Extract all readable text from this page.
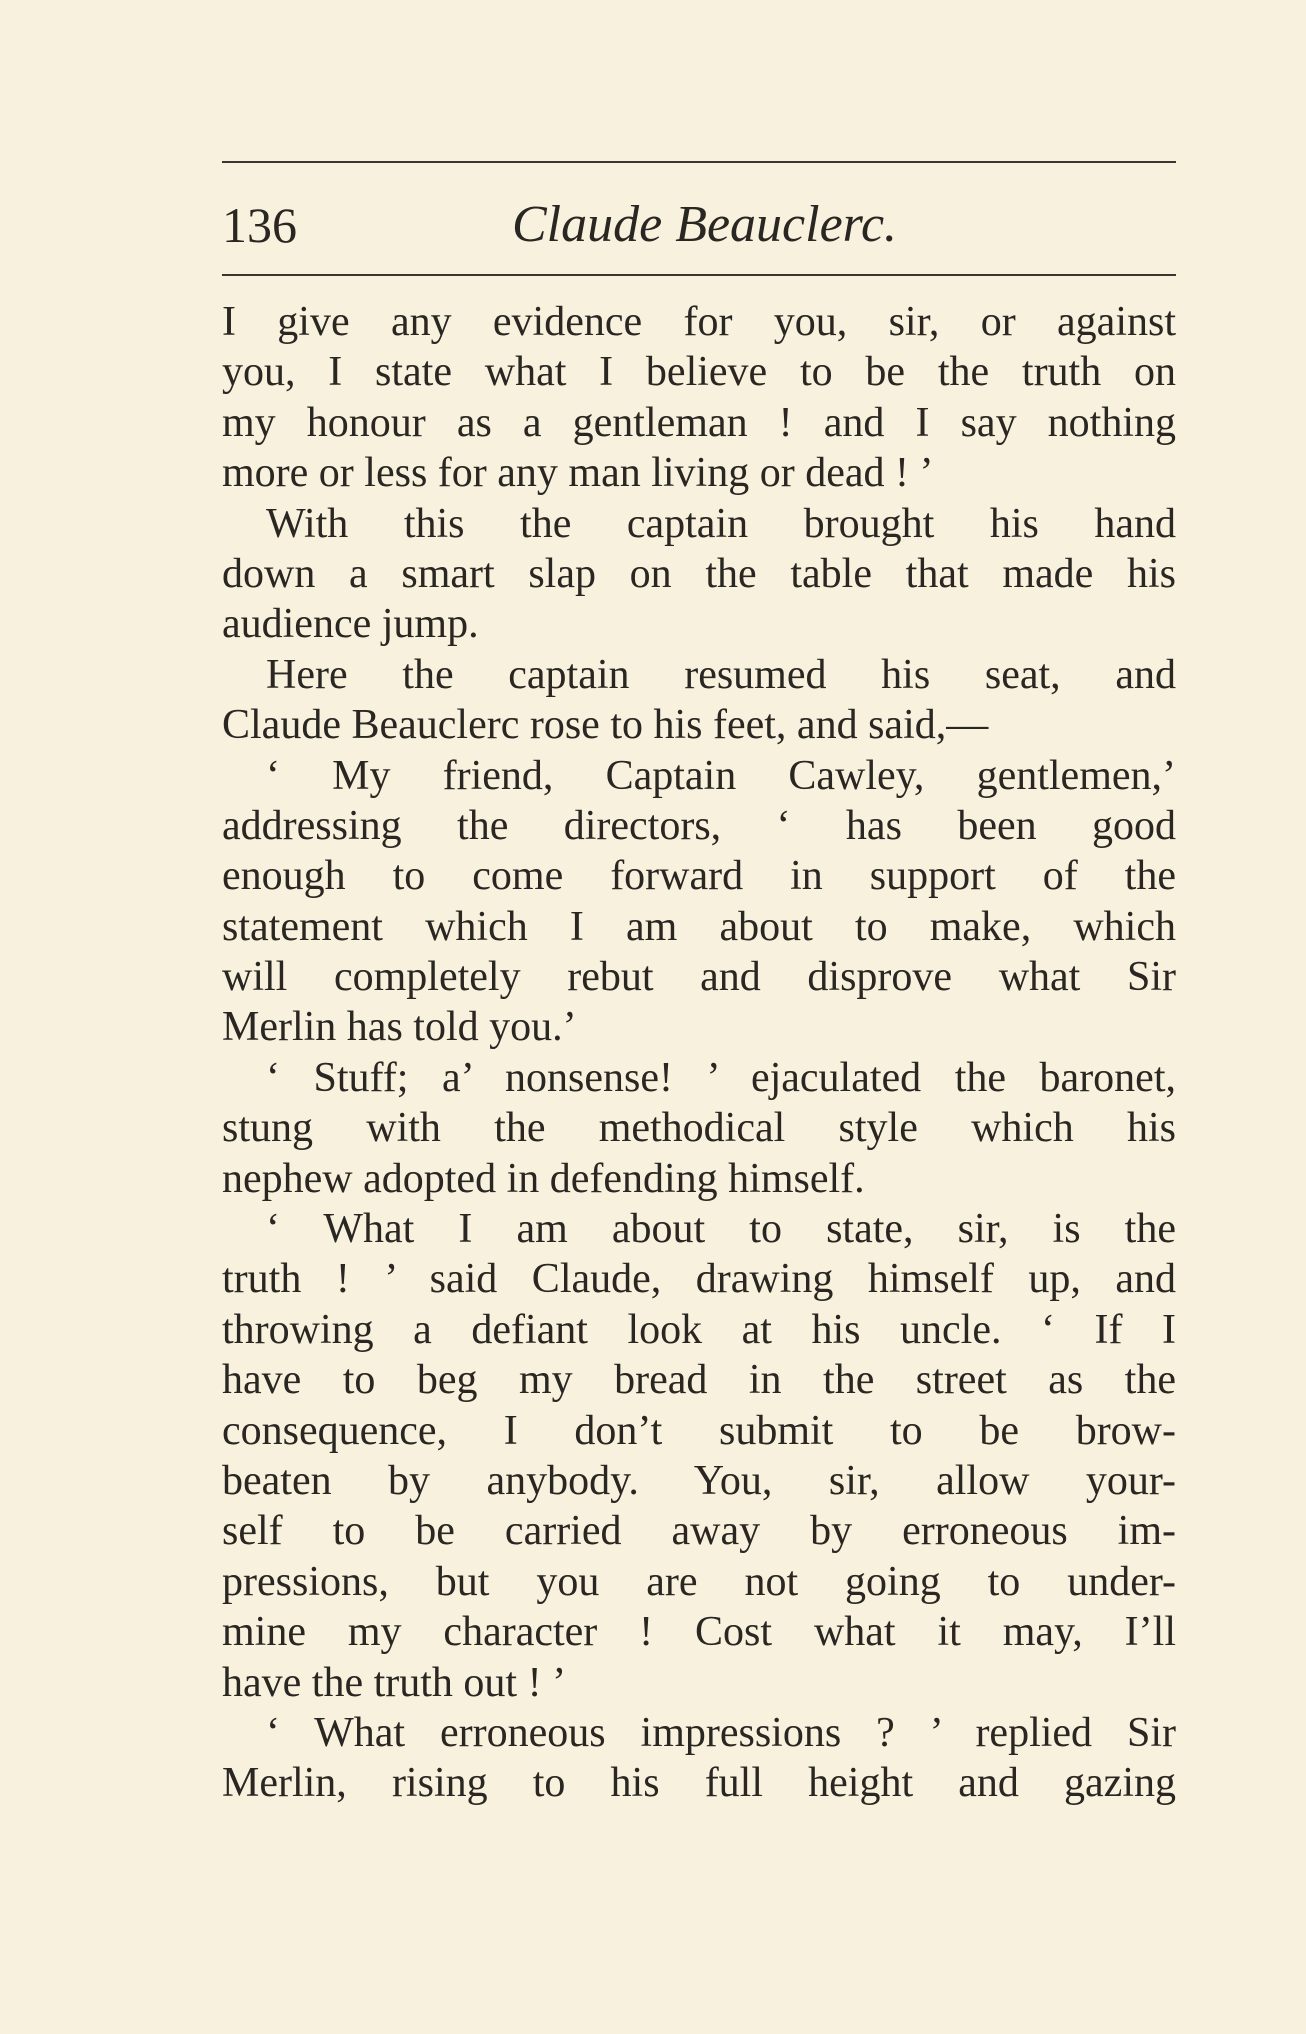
136	Claude Beauclerc.
I give any evidence for you, sir, or against
you, I state what I believe to be the truth on
my honour as a gentleman ! and I say nothing
more or less for any man living or dead ! ’
With this the captain brought his hand
down a smart slap on the table that made his
audience jump.
Here the captain resumed his seat, and
Claude Beauclerc rose to his feet, and said,—
‘ My friend, Captain Cawley, gentlemen,’
addressing the directors, ‘ has been good
enough to come forward in support of the
statement which I am about to make, which
will completely rebut and disprove what Sir
Merlin has told you.’
‘ Stuff; a’ nonsense! ’ ejaculated the baronet,
stung with the methodical style which his
nephew adopted in defending himself.
‘ What I am about to state, sir, is the
truth ! ’ said Claude, drawing himself up, and
throwing a defiant look at his uncle. ‘ If I
have to beg my bread in the street as the
consequence, I don’t submit to be brow-
beaten by anybody. You, sir, allow your-
self to be carried away by erroneous im-
pressions, but you are not going to under-
mine my character ! Cost what it may, I’ll
have the truth out ! ’
‘ What erroneous impressions ? ’ replied Sir
Merlin, rising to his full height and gazing
